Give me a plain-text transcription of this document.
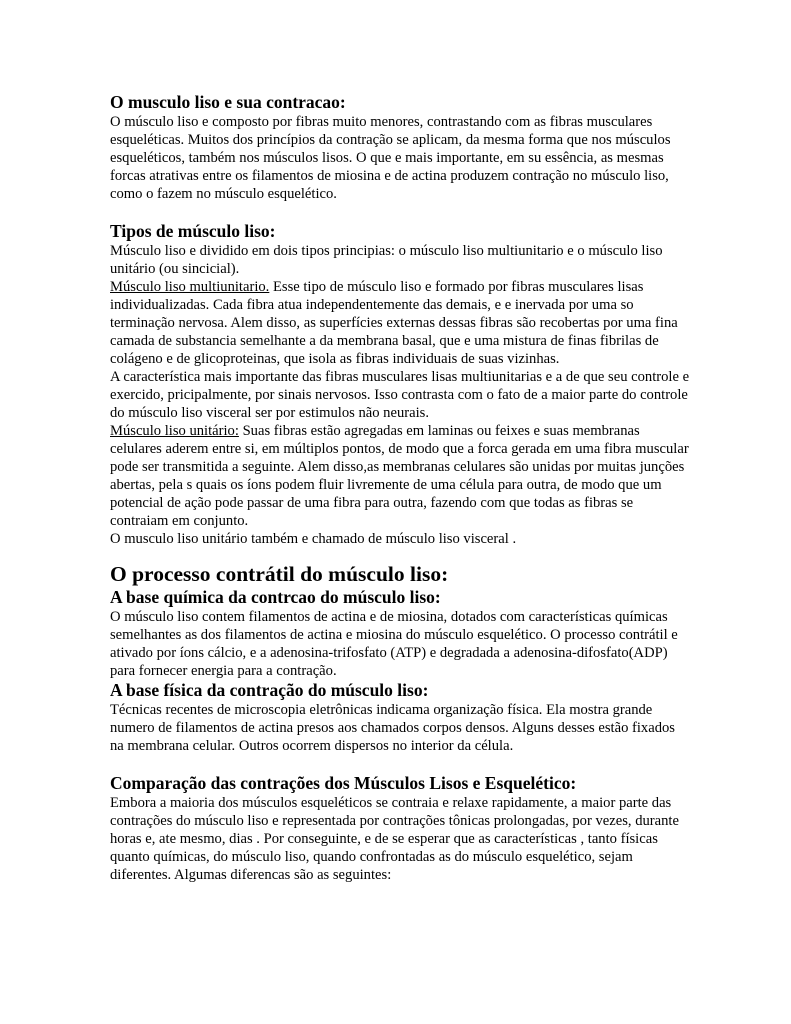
O musculo liso e sua contracao:

O músculo liso e composto por fibras muito menores, contrastando com as fibras musculares esqueléticas. Muitos dos princípios da contração se aplicam, da mesma forma que nos músculos esqueléticos, também nos músculos lisos. O que e mais importante, em su essência, as mesmas forcas atrativas entre os filamentos de miosina e de actina produzem contração no músculo liso, como o fazem no músculo esquelético.

Tipos de músculo liso:

Músculo liso e dividido em dois tipos principias: o músculo liso multiunitario e o músculo liso unitário (ou sincicial).

Músculo liso multiunitario. Esse tipo de músculo liso e formado por fibras musculares lisas individualizadas. Cada fibra atua independentemente das demais, e e inervada por uma so terminação nervosa. Alem disso, as superfícies externas dessas fibras são recobertas por uma fina camada de substancia semelhante a da membrana basal, que e uma mistura de finas fibrilas de colágeno e de glicoproteinas, que isola as fibras individuais de suas vizinhas.

A característica mais importante das fibras musculares lisas multiunitarias e a de que seu controle e exercido, pricipalmente, por sinais nervosos. Isso contrasta com o fato de a maior parte do controle do músculo liso visceral ser por estimulos não neurais.

Músculo liso unitário: Suas fibras estão agregadas em laminas ou feixes e suas membranas celulares aderem entre si, em múltiplos pontos, de modo que a forca gerada em uma fibra muscular pode ser transmitida a seguinte. Alem disso,as membranas celulares são unidas por muitas junções abertas, pela s quais os íons podem fluir livremente de uma célula para outra, de modo que um potencial de ação pode passar de uma fibra para outra, fazendo com que todas as fibras se contraiam em conjunto.

O musculo liso unitário também e chamado de músculo liso visceral .

O processo contrátil do músculo liso:
A base química da contrcao do músculo liso:

O músculo liso contem filamentos de actina e de miosina, dotados com características químicas semelhantes as dos filamentos de actina e miosina do músculo esquelético. O processo contrátil e ativado por íons cálcio, e a adenosina-trifosfato (ATP) e degradada a adenosina-difosfato(ADP) para fornecer energia para a contração.

A base física da contração do músculo liso:

Técnicas recentes de microscopia eletrônicas indicama organização física. Ela mostra grande numero de filamentos de actina presos aos chamados corpos densos. Alguns desses estão fixados na membrana celular. Outros ocorrem dispersos no interior da célula.

Comparação das contrações dos Músculos Lisos e Esquelético:

Embora a maioria dos músculos esqueléticos se contraia e relaxe rapidamente, a maior parte das contrações do músculo liso e representada por contrações tônicas prolongadas, por vezes, durante horas e, ate mesmo, dias . Por conseguinte, e de se esperar que as características , tanto físicas quanto químicas, do músculo liso, quando confrontadas as do músculo esquelético, sejam diferentes. Algumas diferencas são as seguintes:
